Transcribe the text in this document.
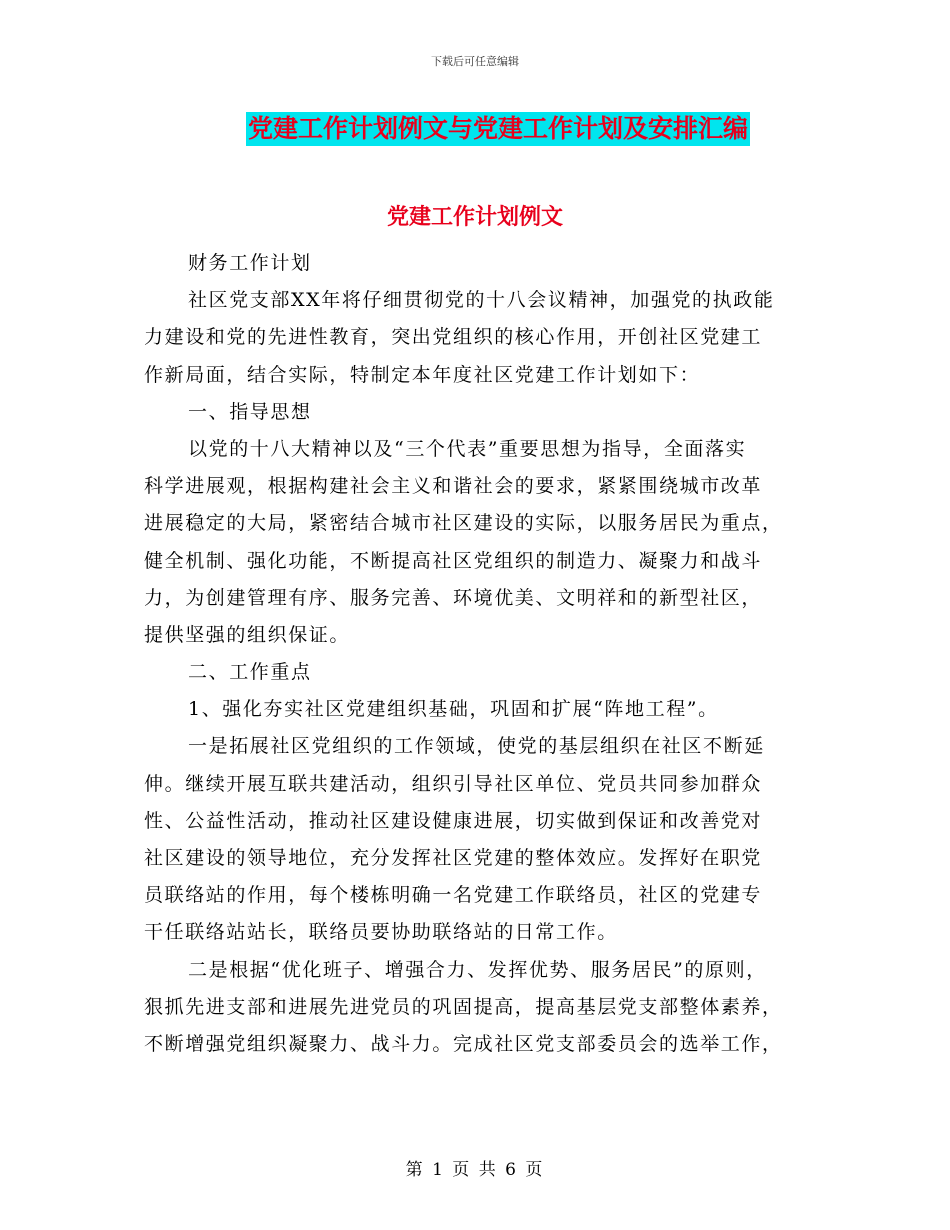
下载后可任意编辑
党建工作计划例文与党建工作计划及安排汇编
党建工作计划例文
财务工作计划
社区党支部XX年将仔细贯彻党的十八会议精神，加强党的执政能
力建设和党的先进性教育，突出党组织的核心作用，开创社区党建工
作新局面，结合实际，特制定本年度社区党建工作计划如下：
一、指导思想
以党的十八大精神以及“三个代表”重要思想为指导，全面落实
科学进展观，根据构建社会主义和谐社会的要求，紧紧围绕城市改革
进展稳定的大局，紧密结合城市社区建设的实际，以服务居民为重点，
健全机制、强化功能，不断提高社区党组织的制造力、凝聚力和战斗
力，为创建管理有序、服务完善、环境优美、文明祥和的新型社区，
提供坚强的组织保证。
二、工作重点
1、强化夯实社区党建组织基础，巩固和扩展“阵地工程”。
一是拓展社区党组织的工作领域，使党的基层组织在社区不断延
伸。继续开展互联共建活动，组织引导社区单位、党员共同参加群众
性、公益性活动，推动社区建设健康进展，切实做到保证和改善党对
社区建设的领导地位，充分发挥社区党建的整体效应。发挥好在职党
员联络站的作用，每个楼栋明确一名党建工作联络员，社区的党建专
干任联络站站长，联络员要协助联络站的日常工作。
二是根据“优化班子、增强合力、发挥优势、服务居民”的原则，
狠抓先进支部和进展先进党员的巩固提高，提高基层党支部整体素养，
不断增强党组织凝聚力、战斗力。完成社区党支部委员会的选举工作，
第 1 页 共 6 页
